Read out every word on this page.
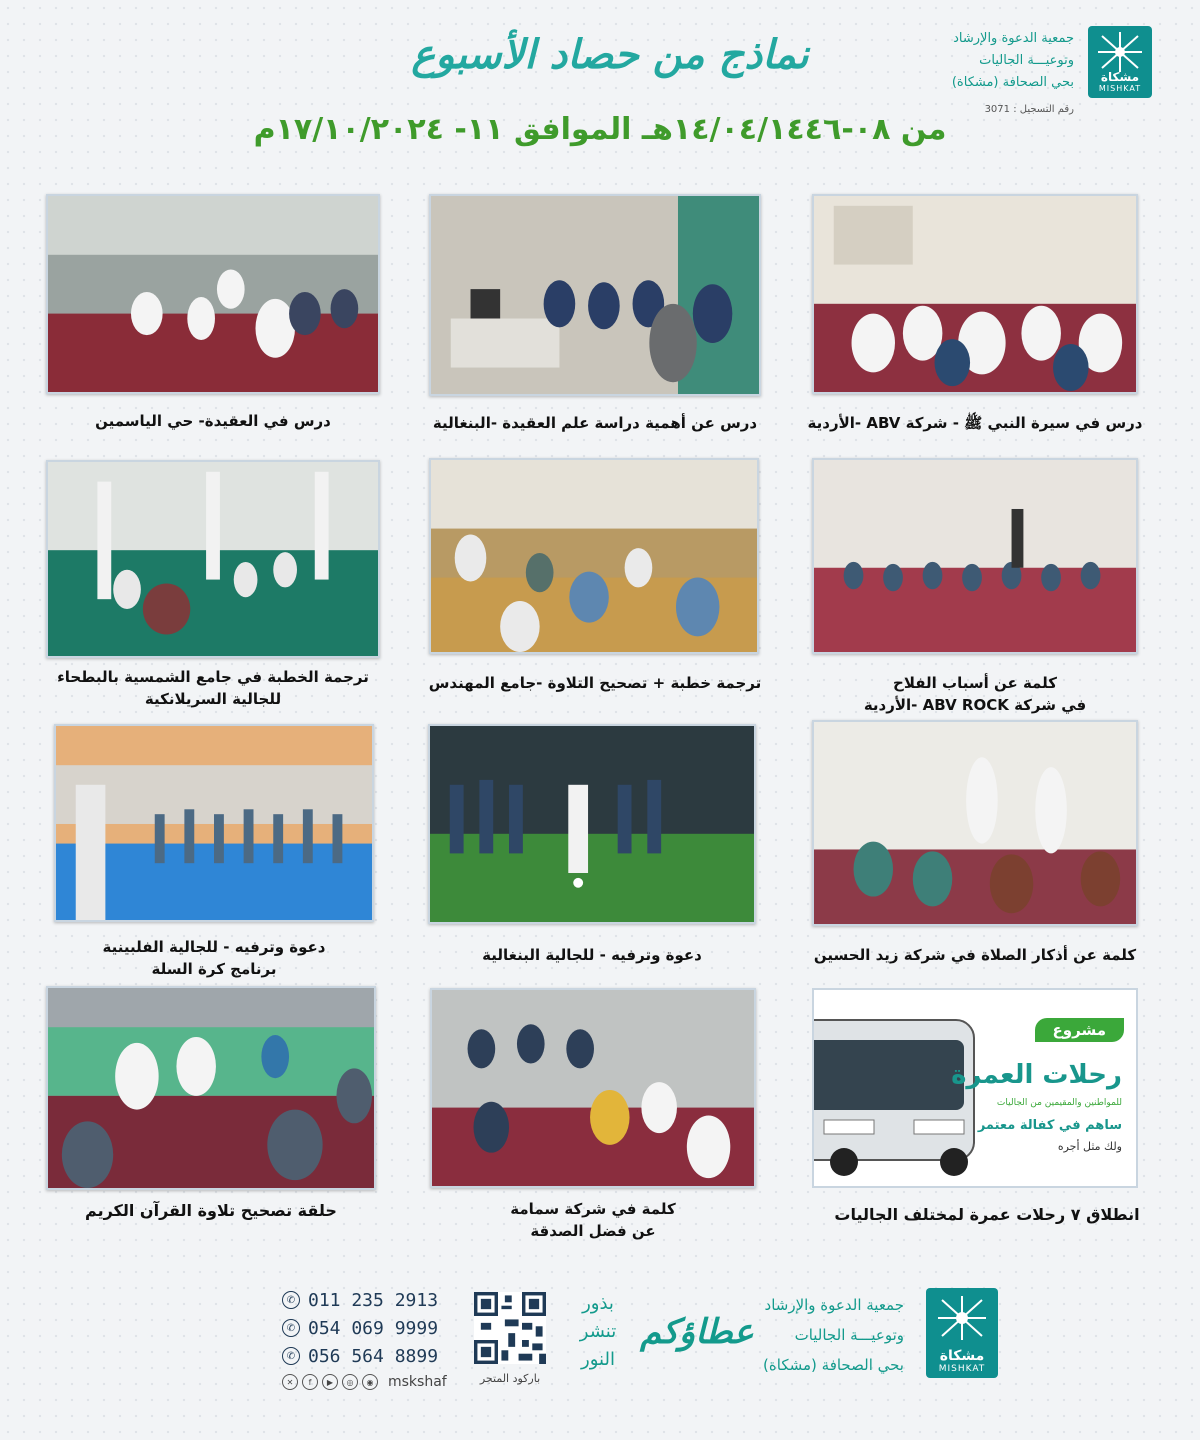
مشكاة
MISHKAT
جمعية الدعوة والإرشاد
وتوعيـــة الجاليات
بحي الصحافة (مشكاة)
رقم التسجيل : 3071
نماذج من حصاد الأسبوع
من ٠٨-١٤/٠٤/١٤٤٦هـ الموافق ١١- ١٧/١٠/٢٠٢٤م
درس في سيرة النبي ﷺ - شركة ABV -الأردية
درس عن أهمية دراسة علم العقيدة -البنغالية
درس في العقيدة- حي الياسمين
كلمة عن أسباب الفلاح
في شركة ABV ROCK -الأردية
ترجمة خطبة + تصحيح التلاوة -جامع المهندس
ترجمة الخطبة في جامع الشمسية بالبطحاء
للجالية السريلانكية
كلمة عن أذكار الصلاة في شركة زيد الحسين
دعوة وترفيه - للجالية البنغالية
دعوة وترفيه - للجالية الفلبينية
برنامج كرة السلة
مشروع
رحلات العمرة
للمواطنين والمقيمين من الجاليات
ساهم في كفالة معتمر
ولك مثل أجره
انطلاق ٧ رحلات عمرة لمختلف الجاليات
كلمة في شركة سمامة
عن فضل الصدقة
حلقة تصحيح تلاوة القرآن الكريم
مشكاة
MISHKAT
جمعية الدعوة والإرشاد
وتوعيـــة الجاليات
بحي الصحافة (مشكاة)
بذور
تنشر
النور
عطاؤكم
باركود المتجر
✆ 011 235 2913
✆ 054 069 9999
✆ 056 564 8899
✕	f	▶	◎	◉	mskshaf
